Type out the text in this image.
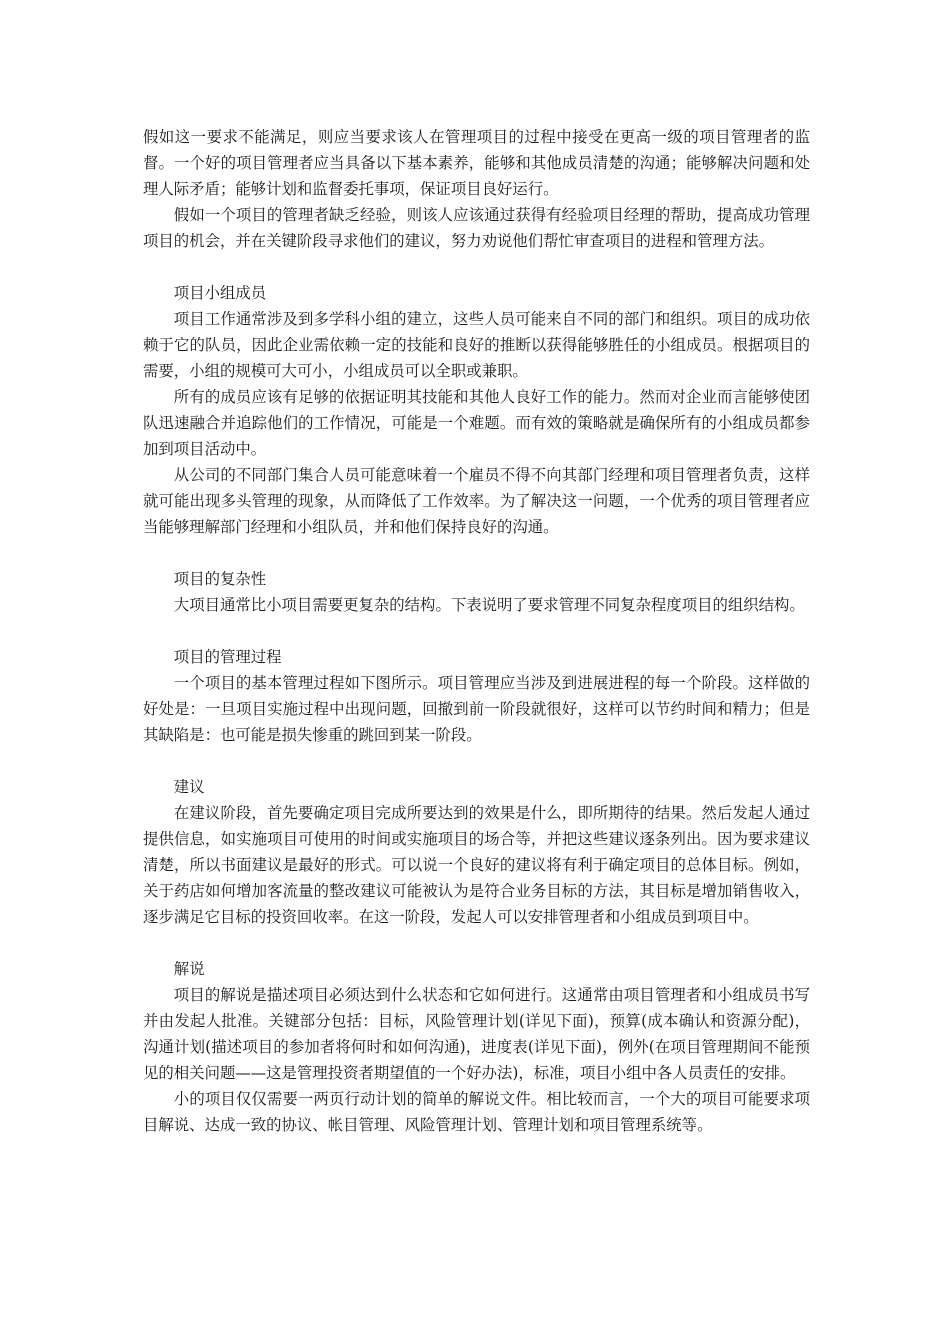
假如这一要求不能满足，则应当要求该人在管理项目的过程中接受在更高一级的项目管理者的监督。一个好的项目管理者应当具备以下基本素养，能够和其他成员清楚的沟通；能够解决问题和处理人际矛盾；能够计划和监督委托事项，保证项目良好运行。

假如一个项目的管理者缺乏经验，则该人应该通过获得有经验项目经理的帮助，提高成功管理项目的机会，并在关键阶段寻求他们的建议，努力劝说他们帮忙审查项目的进程和管理方法。

项目小组成员

项目工作通常涉及到多学科小组的建立，这些人员可能来自不同的部门和组织。项目的成功依赖于它的队员，因此企业需依赖一定的技能和良好的推断以获得能够胜任的小组成员。根据项目的需要，小组的规模可大可小，小组成员可以全职或兼职。

所有的成员应该有足够的依据证明其技能和其他人良好工作的能力。然而对企业而言能够使团队迅速融合并追踪他们的工作情况，可能是一个难题。而有效的策略就是确保所有的小组成员都参加到项目活动中。

从公司的不同部门集合人员可能意味着一个雇员不得不向其部门经理和项目管理者负责，这样就可能出现多头管理的现象，从而降低了工作效率。为了解决这一问题，一个优秀的项目管理者应当能够理解部门经理和小组队员，并和他们保持良好的沟通。

项目的复杂性

大项目通常比小项目需要更复杂的结构。下表说明了要求管理不同复杂程度项目的组织结构。

项目的管理过程

一个项目的基本管理过程如下图所示。项目管理应当涉及到进展进程的每一个阶段。这样做的好处是：一旦项目实施过程中出现问题，回撤到前一阶段就很好，这样可以节约时间和精力；但是其缺陷是：也可能是损失惨重的跳回到某一阶段。

建议

在建议阶段，首先要确定项目完成所要达到的效果是什么，即所期待的结果。然后发起人通过提供信息，如实施项目可使用的时间或实施项目的场合等，并把这些建议逐条列出。因为要求建议清楚，所以书面建议是最好的形式。可以说一个良好的建议将有利于确定项目的总体目标。例如，关于药店如何增加客流量的整改建议可能被认为是符合业务目标的方法，其目标是增加销售收入，逐步满足它目标的投资回收率。在这一阶段，发起人可以安排管理者和小组成员到项目中。

解说

项目的解说是描述项目必须达到什么状态和它如何进行。这通常由项目管理者和小组成员书写并由发起人批准。关键部分包括：目标，风险管理计划(详见下面)，预算(成本确认和资源分配)，沟通计划(描述项目的参加者将何时和如何沟通)，进度表(详见下面)，例外(在项目管理期间不能预见的相关问题——这是管理投资者期望值的一个好办法)，标准，项目小组中各人员责任的安排。

小的项目仅仅需要一两页行动计划的简单的解说文件。相比较而言，一个大的项目可能要求项目解说、达成一致的协议、帐目管理、风险管理计划、管理计划和项目管理系统等。
